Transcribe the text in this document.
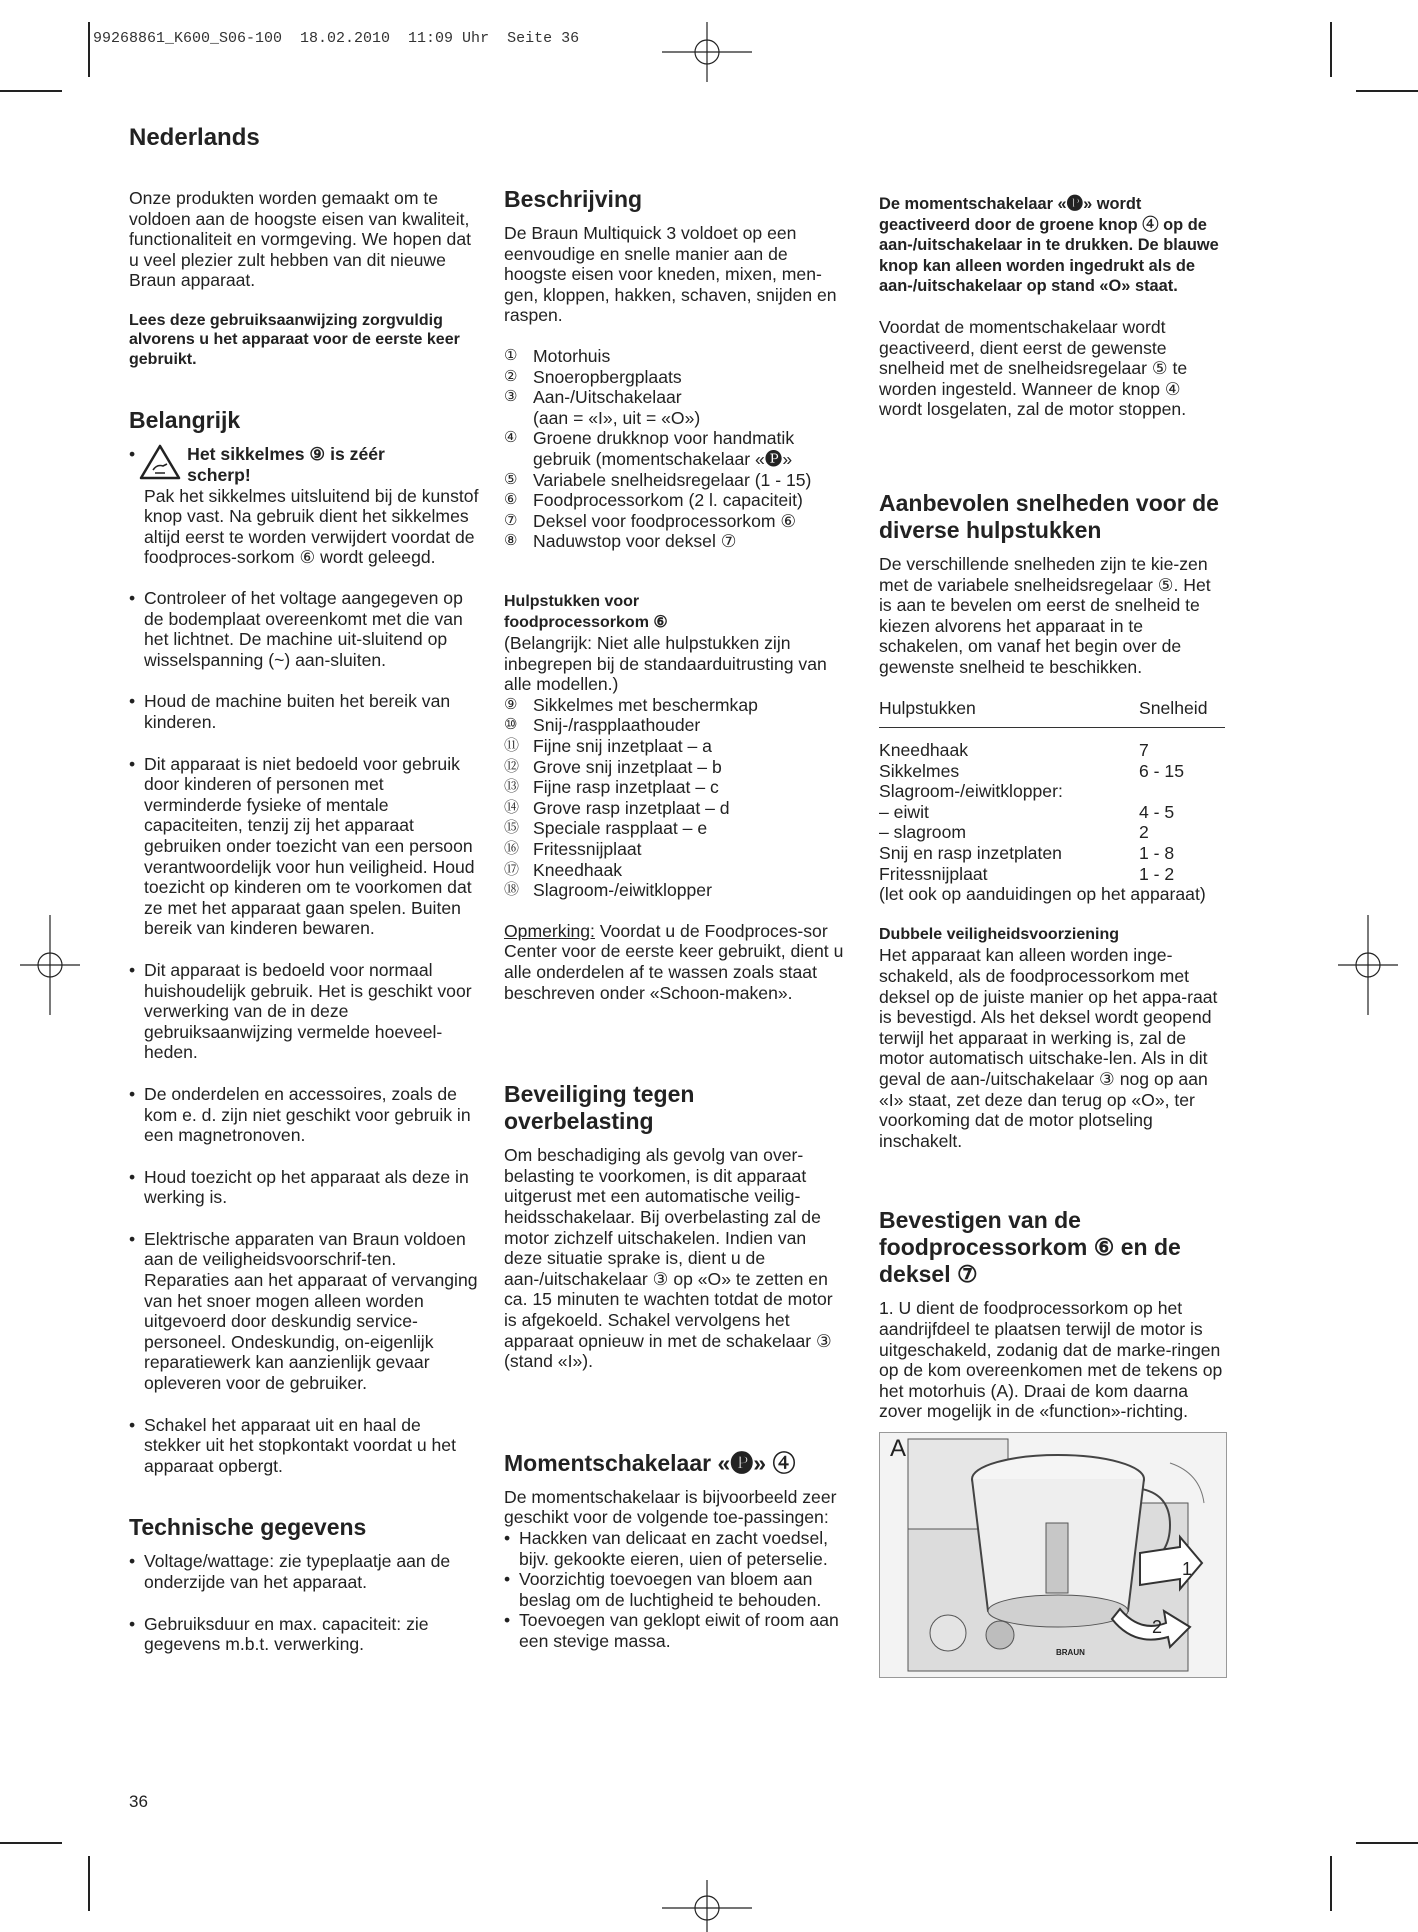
99268861_K600_S06-100  18.02.2010  11:09 Uhr  Seite 36
Nederlands

Onze produkten worden gemaakt om te voldoen aan de hoogste eisen van kwaliteit, functionaliteit en vormgeving. We hopen dat u veel plezier zult hebben van dit nieuwe Braun apparaat.

Lees deze gebruiksaanwijzing zorgvuldig alvorens u het apparaat voor de eerste keer gebruikt.

Belangrijk
•	Het sikkelmes ⑨ is zéér scherp!
Pak het sikkelmes uitsluitend bij de kunstof knop vast. Na gebruik dient het sikkelmes altijd eerst te worden verwijdert voordat de foodproces-sorkom ⑥ wordt geleegd.
• Controleer of het voltage aangegeven op de bodemplaat overeenkomt met die van het lichtnet. De machine uit-sluitend op wisselspanning (~) aan-sluiten.
• Houd de machine buiten het bereik van kinderen.
• Dit apparaat is niet bedoeld voor gebruik door kinderen of personen met verminderde fysieke of mentale capaciteiten, tenzij zij het apparaat gebruiken onder toezicht van een persoon verantwoordelijk voor hun veiligheid. Houd toezicht op kinderen om te voorkomen dat ze met het apparaat gaan spelen. Buiten bereik van kinderen bewaren.
• Dit apparaat is bedoeld voor normaal huishoudelijk gebruik. Het is geschikt voor verwerking van de in deze gebruiksaanwijzing vermelde hoeveel-heden.
• De onderdelen en accessoires, zoals de kom e. d. zijn niet geschikt voor gebruik in een magnetronoven.
• Houd toezicht op het apparaat als deze in werking is.
• Elektrische apparaten van Braun voldoen aan de veiligheidsvoorschrif-ten. Reparaties aan het apparaat of vervanging van het snoer mogen alleen worden uitgevoerd door deskundig service-personeel. Ondeskundig, on-eigenlijk reparatiewerk kan aanzienlijk gevaar opleveren voor de gebruiker.
• Schakel het apparaat uit en haal de stekker uit het stopkontakt voordat u het apparaat opbergt.
Technische gegevens
• Voltage/wattage: zie typeplaatje aan de onderzijde van het apparaat.
• Gebruiksduur en max. capaciteit: zie gegevens m.b.t. verwerking.
Beschrijving

De Braun Multiquick 3 voldoet op een eenvoudige en snelle manier aan de hoogste eisen voor kneden, mixen, men-gen, kloppen, hakken, schaven, snijden en raspen.

① Motorhuis
② Snoeropbergplaats
③ Aan-/Uitschakelaar
(aan = «I», uit = «O»)
④ Groene drukknop voor handmatik
gebruik (momentschakelaar «🅟»
⑤ Variabele snelheidsregelaar (1 - 15)
⑥ Foodprocessorkom (2 l. capaciteit)
⑦ Deksel voor foodprocessorkom ⑥
⑧ Naduwstop voor deksel ⑦
Hulpstukken voor foodprocessorkom ⑥
(Belangrijk: Niet alle hulpstukken zijn inbegrepen bij de standaarduitrusting van alle modellen.)
⑨ Sikkelmes met beschermkap
⑩ Snij-/raspplaathouder
⑪ Fijne snij inzetplaat – a
⑫ Grove snij inzetplaat – b
⑬ Fijne rasp inzetplaat – c
⑭ Grove rasp inzetplaat – d
⑮ Speciale raspplaat – e
⑯ Fritessnijplaat
⑰ Kneedhaak
⑱ Slagroom-/eiwitklopper

Opmerking: Voordat u de Foodproces-sor Center voor de eerste keer gebruikt, dient u alle onderdelen af te wassen zoals staat beschreven onder «Schoon-maken».

Beveiliging tegen overbelasting

Om beschadiging als gevolg van over-belasting te voorkomen, is dit apparaat uitgerust met een automatische veilig-heidsschakelaar. Bij overbelasting zal de motor zichzelf uitschakelen. Indien van deze situatie sprake is, dient u de aan-/uitschakelaar ③ op «O» te zetten en ca. 15 minuten te wachten totdat de motor is afgekoeld. Schakel vervolgens het apparaat opnieuw in met de schakelaar ③ (stand «I»).

Momentschakelaar «🅟» ④

De momentschakelaar is bijvoorbeeld zeer geschikt voor de volgende toe-passingen:

• Hackken van delicaat en zacht voedsel, bijv. gekookte eieren, uien of peterselie.
• Voorzichtig toevoegen van bloem aan beslag om de luchtigheid te behouden.
• Toevoegen van geklopt eiwit of room aan een stevige massa.

De momentschakelaar «🅟» wordt geactiveerd door de groene knop ④ op de aan-/uitschakelaar in te drukken. De blauwe knop kan alleen worden ingedrukt als de aan-/uitschakelaar op stand «O» staat.

Voordat de momentschakelaar wordt geactiveerd, dient eerst de gewenste snelheid met de snelheidsregelaar ⑤ te worden ingesteld. Wanneer de knop ④ wordt losgelaten, zal de motor stoppen.

Aanbevolen snelheden voor de diverse hulpstukken

De verschillende snelheden zijn te kie-zen met de variabele snelheidsregelaar ⑤. Het is aan te bevelen om eerst de snelheid te kiezen alvorens het apparaat in te schakelen, om vanaf het begin over de gewenste snelheid te beschikken.

Hulpstukken	Snelheid
Kneedhaak	7
Sikkelmes	6 - 15
Slagroom-/eiwitklopper:	
– eiwit	4 - 5
– slagroom	2
Snij en rasp inzetplaten	1 - 8
Fritessnijplaat	1 - 2
(let ook op aanduidingen op het apparaat)	
Dubbele veiligheidsvoorziening

Het apparaat kan alleen worden inge-schakeld, als de foodprocessorkom met deksel op de juiste manier op het appa-raat is bevestigd. Als het deksel wordt geopend terwijl het apparaat in werking is, zal de motor automatisch uitschake-len. Als in dit geval de aan-/uitschakelaar ③ nog op aan «I» staat, zet deze dan terug op «O», ter voorkoming dat de motor plotseling inschakelt.

Bevestigen van de foodprocessorkom ⑥ en de deksel ⑦

1. U dient de foodprocessorkom op het aandrijfdeel te plaatsen terwijl de motor is uitgeschakeld, zodanig dat de marke-ringen op de kom overeenkomen met de tekens op het motorhuis (A). Draai de kom daarna zover mogelijk in de «function»-richting.

A
1
2
BRAUN
36
